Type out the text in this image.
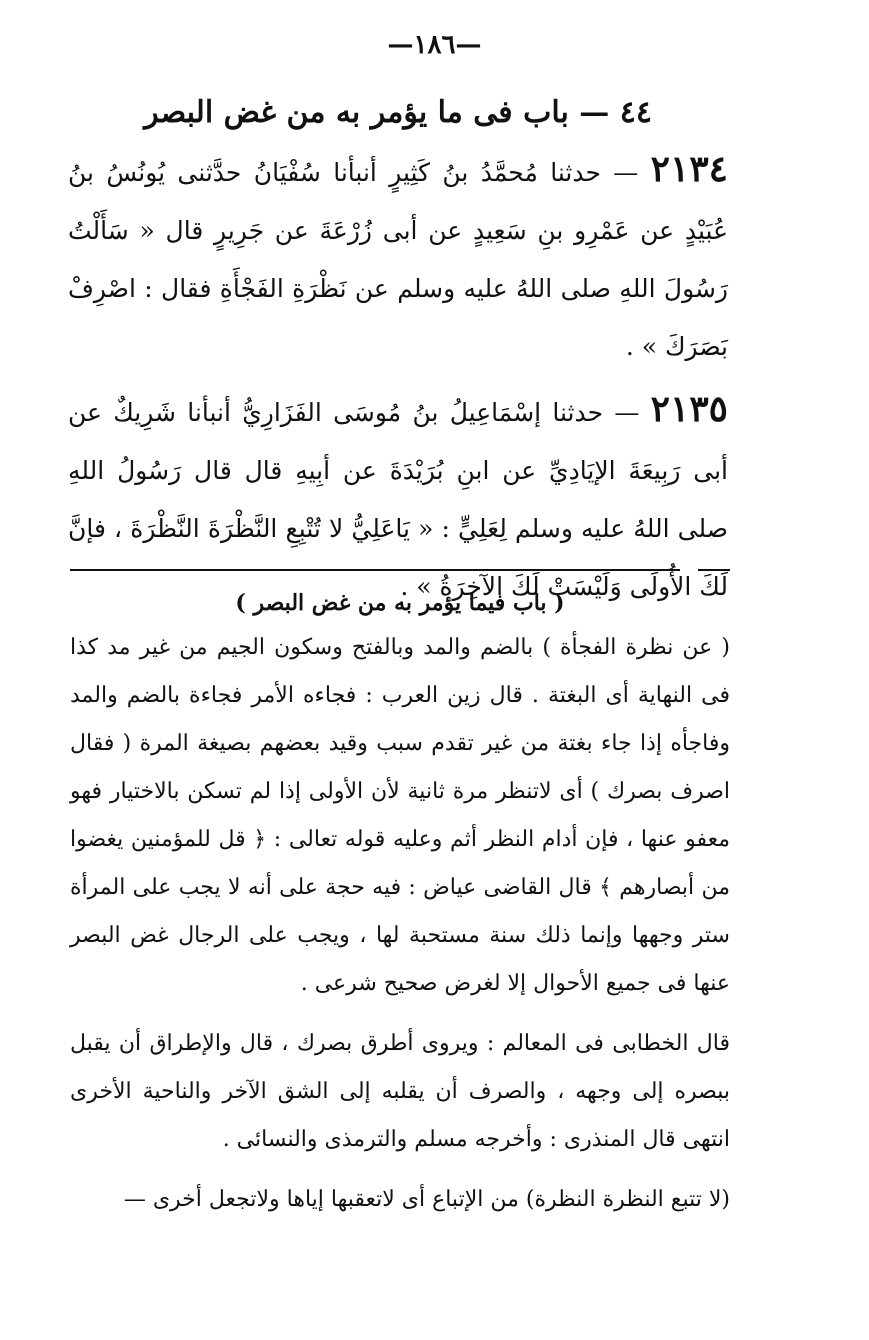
—١٨٦—
٤٤ — باب فى ما يؤمر به من غض البصر

٢١٣٤ — حدثنا مُحمَّدُ بنُ كَثِيرٍ أنبأنا سُفْيَانُ حدَّثنى يُونُسُ بنُ عُبَيْدٍ عن عَمْرِو بنِ سَعِيدٍ عن أبى زُرْعَةَ عن جَرِيرٍ قال « سَأَلْتُ رَسُولَ اللهِ صلى اللهُ عليه وسلم عن نَظْرَةِ الفَجْأَةِ فقال : اصْرِفْ بَصَرَكَ » .

٢١٣٥ — حدثنا إسْمَاعِيلُ بنُ مُوسَى الفَزَارِيُّ أنبأنا شَرِيكٌ عن أبى رَبِيعَةَ الإيَادِيِّ عن ابنِ بُرَيْدَةَ عن أبِيهِ قال قال رَسُولُ اللهِ صلى اللهُ عليه وسلم لِعَلِيٍّ : « يَاعَلِيُّ لا تُتْبِعِ النَّظْرَةَ النَّظْرَةَ ، فإنَّ لَكَ الأُولَى وَلَيْسَتْ لَكَ الآخِرَةُ » .

( باب فيما يؤمر به من غض البصر )

( عن نظرة الفجأة ) بالضم والمد وبالفتح وسكون الجيم من غير مد كذا فى النهاية أى البغتة . قال زين العرب : فجاءه الأمر فجاءة بالضم والمد وفاجأه إذا جاء بغتة من غير تقدم سبب وقيد بعضهم بصيغة المرة ( فقال اصرف بصرك ) أى لاتنظر مرة ثانية لأن الأولى إذا لم تسكن بالاختيار فهو معفو عنها ، فإن أدام النظر أثم وعليه قوله تعالى : ﴿ قل للمؤمنين يغضوا من أبصارهم ﴾ قال القاضى عياض : فيه حجة على أنه لا يجب على المرأة ستر وجهها وإنما ذلك سنة مستحبة لها ، ويجب على الرجال غض البصر عنها فى جميع الأحوال إلا لغرض صحيح شرعى .

قال الخطابى فى المعالم : ويروى أطرق بصرك ، قال والإطراق أن يقبل ببصره إلى وجهه ، والصرف أن يقلبه إلى الشق الآخر والناحية الأخرى انتهى قال المنذرى : وأخرجه مسلم والترمذى والنسائى .

(لا تتبع النظرة النظرة) من الإتباع أى لاتعقبها إياها ولاتجعل أخرى —
